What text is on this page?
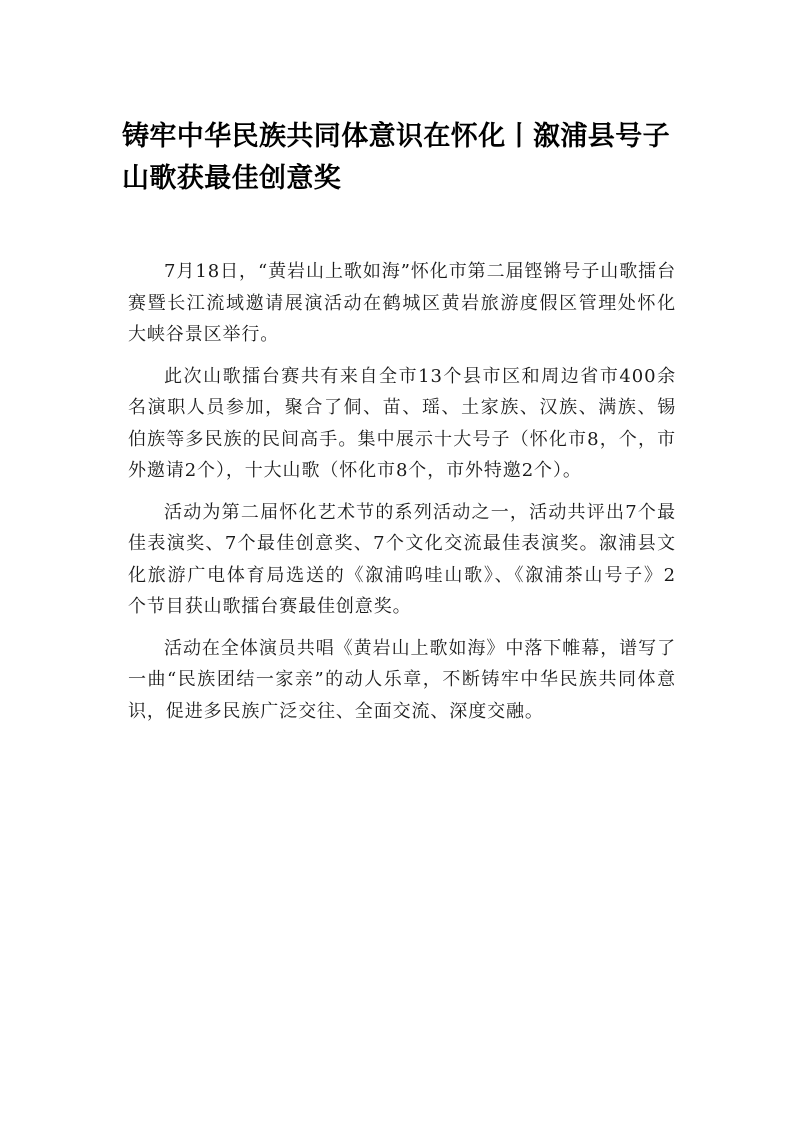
铸牢中华民族共同体意识在怀化丨溆浦县号子山歌获最佳创意奖

7月18日，“黄岩山上歌如海”怀化市第二届铿锵号子山歌擂台赛暨长江流域邀请展演活动在鹤城区黄岩旅游度假区管理处怀化大峡谷景区举行。

此次山歌擂台赛共有来自全市13个县市区和周边省市400余名演职人员参加，聚合了侗、苗、瑶、土家族、汉族、满族、锡伯族等多民族的民间高手。集中展示十大号子（怀化市8，个，市外邀请2个），十大山歌（怀化市8个，市外特邀2个）。

活动为第二届怀化艺术节的系列活动之一，活动共评出7个最佳表演奖、7个最佳创意奖、7个文化交流最佳表演奖。溆浦县文化旅游广电体育局选送的《溆浦呜哇山歌》、《溆浦茶山号子》2 个节目获山歌擂台赛最佳创意奖。

活动在全体演员共唱《黄岩山上歌如海》中落下帷幕，谱写了一曲“民族团结一家亲”的动人乐章，不断铸牢中华民族共同体意识，促进多民族广泛交往、全面交流、深度交融。
